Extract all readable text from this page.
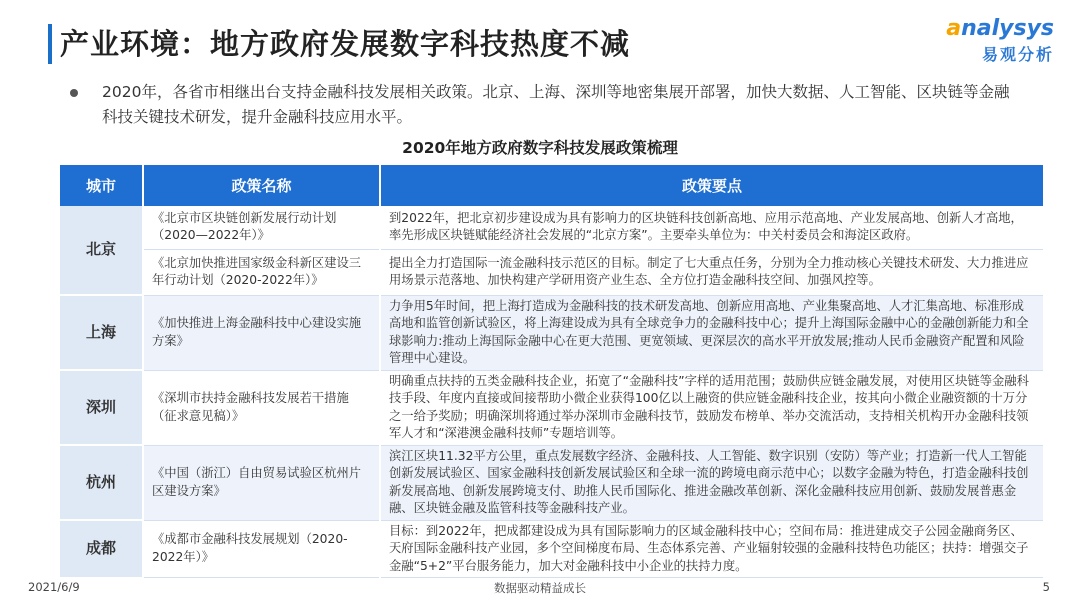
产业环境：地方政府发展数字科技热度不减	analysys
易观分析
2020年，各省市相继出台支持金融科技发展相关政策。北京、上海、深圳等地密集展开部署，加快大数据、人工智能、区块链等金融科技关键技术研发，提升金融科技应用水平。
2020年地方政府数字科技发展政策梳理
城市	政策名称	政策要点
北京	《北京市区块链创新发展行动计划（2020—2022年）》	到2022年，把北京初步建设成为具有影响力的区块链科技创新高地、应用示范高地、产业发展高地、创新人才高地，率先形成区块链赋能经济社会发展的“北京方案”。主要牵头单位为：中关村委员会和海淀区政府。
	《北京加快推进国家级金科新区建设三年行动计划（2020-2022年）》	提出全力打造国际一流金融科技示范区的目标。制定了七大重点任务，分别为全力推动核心关键技术研发、大力推进应用场景示范落地、加快构建产学研用资产业生态、全方位打造金融科技空间、加强风控等。
上海	《加快推进上海金融科技中心建设实施方案》	力争用5年时间，把上海打造成为金融科技的技术研发高地、创新应用高地、产业集聚高地、人才汇集高地、标准形成高地和监管创新试验区，将上海建设成为具有全球竞争力的金融科技中心；提升上海国际金融中心的金融创新能力和全球影响力:推动上海国际金融中心在更大范围、更宽领域、更深层次的高水平开放发展;推动人民币金融资产配置和风险管理中心建设。
深圳	《深圳市扶持金融科技发展若干措施（征求意见稿）》	明确重点扶持的五类金融科技企业，拓宽了“金融科技”字样的适用范围；鼓励供应链金融发展，对使用区块链等金融科技手段、年度内直接或间接帮助小微企业获得100亿以上融资的供应链金融科技企业，按其向小微企业融资额的十万分之一给予奖励；明确深圳将通过举办深圳市金融科技节，鼓励发布榜单、举办交流活动，支持相关机构开办金融科技领军人才和“深港澳金融科技师”专题培训等。
杭州	《中国（浙江）自由贸易试验区杭州片区建设方案》	滨江区块11.32平方公里，重点发展数字经济、金融科技、人工智能、数字识别（安防）等产业；打造新一代人工智能创新发展试验区、国家金融科技创新发展试验区和全球一流的跨境电商示范中心；以数字金融为特色，打造金融科技创新发展高地、创新发展跨境支付、助推人民币国际化、推进金融改革创新、深化金融科技应用创新、鼓励发展普惠金融、区块链金融及监管科技等金融科技产业。
成都	《成都市金融科技发展规划（2020-2022年）》	目标：到2022年，把成都建设成为具有国际影响力的区域金融科技中心；空间布局：推进建成交子公园金融商务区、天府国际金融科技产业园，多个空间梯度布局、生态体系完善、产业辐射较强的金融科技特色功能区；扶持：增强交子金融“5+2”平台服务能力，加大对金融科技中小企业的扶持力度。
2021/6/9	数据驱动精益成长	5
